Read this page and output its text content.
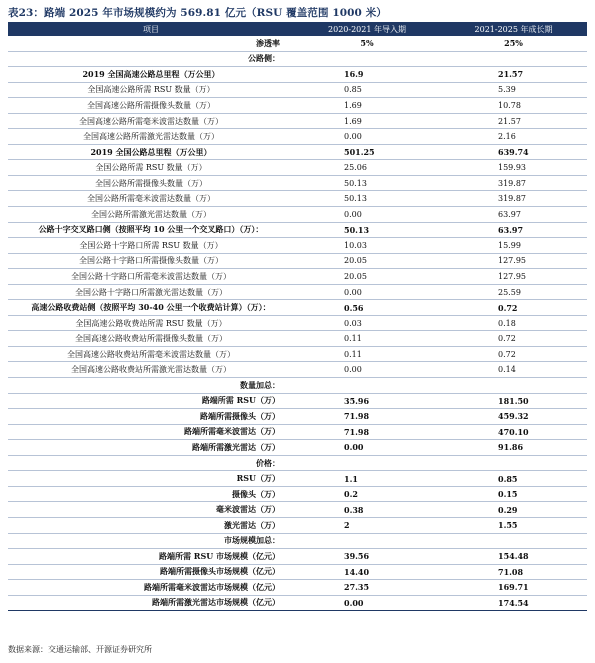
表23：路端 2025 年市场规模约为 569.81 亿元（RSU 覆盖范围 1000 米）
项目	2020-2021 年导入期	2021-2025 年成长期
渗透率	5%	25%
公路侧：		
2019 全国高速公路总里程（万公里）	16.9	21.57
全国高速公路所需 RSU 数量（万）	0.85	5.39
全国高速公路所需摄像头数量（万）	1.69	10.78
全国高速公路所需毫米波雷达数量（万）	1.69	21.57
全国高速公路所需激光雷达数量（万）	0.00	2.16
2019 全国公路总里程（万公里）	501.25	639.74
全国公路所需 RSU 数量（万）	25.06	159.93
全国公路所需摄像头数量（万）	50.13	319.87
全国公路所需毫米波雷达数量（万）	50.13	319.87
全国公路所需激光雷达数量（万）	0.00	63.97
公路十字交叉路口侧（按照平均 10 公里一个交叉路口）（万）：	50.13	63.97
全国公路十字路口所需 RSU 数量（万）	10.03	15.99
全国公路十字路口所需摄像头数量（万）	20.05	127.95
全国公路十字路口所需毫米波雷达数量（万）	20.05	127.95
全国公路十字路口所需激光雷达数量（万）	0.00	25.59
高速公路收费站侧（按照平均 30-40 公里一个收费站计算）（万）：	0.56	0.72
全国高速公路收费站所需 RSU 数量（万）	0.03	0.18
全国高速公路收费站所需摄像头数量（万）	0.11	0.72
全国高速公路收费站所需毫米波雷达数量（万）	0.11	0.72
全国高速公路收费站所需激光雷达数量（万）	0.00	0.14
数量加总：		
路端所需 RSU（万）	35.96	181.50
路端所需摄像头（万）	71.98	459.32
路端所需毫米波雷达（万）	71.98	470.10
路端所需激光雷达（万）	0.00	91.86
价格：		
RSU（万）	1.1	0.85
摄像头（万）	0.2	0.15
毫米波雷达（万）	0.38	0.29
激光雷达（万）	2	1.55
市场规模加总：		
路端所需 RSU 市场规模（亿元）	39.56	154.48
路端所需摄像头市场规模（亿元）	14.40	71.08
路端所需毫米波雷达市场规模（亿元）	27.35	169.71
路端所需激光雷达市场规模（亿元）	0.00	174.54
数据来源：交通运输部、开源证券研究所
